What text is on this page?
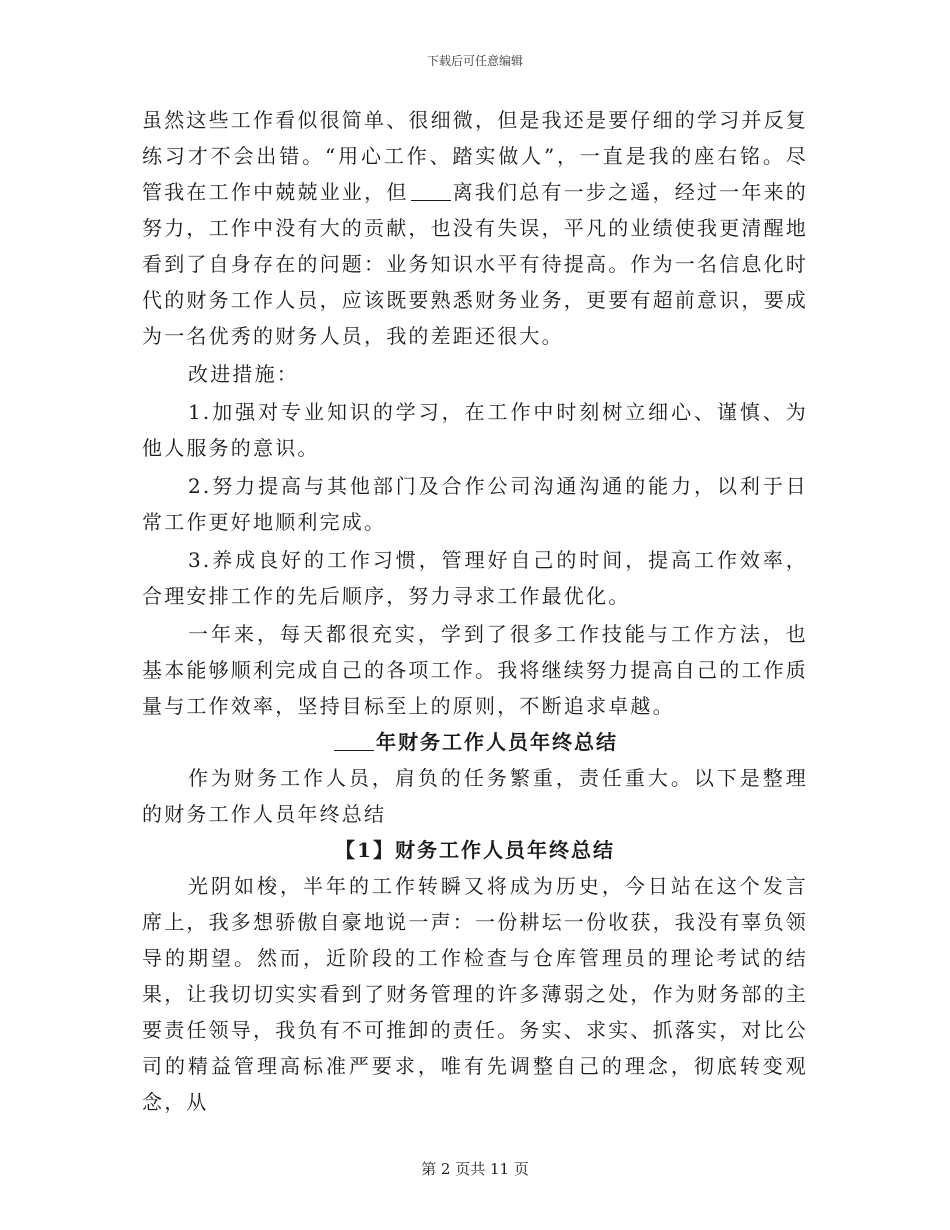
下载后可任意编辑

虽然这些工作看似很简单、很细微，但是我还是要仔细的学习并反复练习才不会出错。“用心工作、踏实做人”，一直是我的座右铭。尽管我在工作中兢兢业业，但 离我们总有一步之遥，经过一年来的努力，工作中没有大的贡献，也没有失误，平凡的业绩使我更清醒地看到了自身存在的问题：业务知识水平有待提高。作为一名信息化时代的财务工作人员，应该既要熟悉财务业务，更要有超前意识，要成为一名优秀的财务人员，我的差距还很大。

改进措施：

1.加强对专业知识的学习，在工作中时刻树立细心、谨慎、为他人服务的意识。

2.努力提高与其他部门及合作公司沟通沟通的能力，以利于日常工作更好地顺利完成。

3.养成良好的工作习惯，管理好自己的时间，提高工作效率，合理安排工作的先后顺序，努力寻求工作最优化。

一年来，每天都很充实，学到了很多工作技能与工作方法，也基本能够顺利完成自己的各项工作。我将继续努力提高自己的工作质量与工作效率，坚持目标至上的原则，不断追求卓越。

年财务工作人员年终总结

作为财务工作人员，肩负的任务繁重，责任重大。以下是整理的财务工作人员年终总结

【1】财务工作人员年终总结

光阴如梭，半年的工作转瞬又将成为历史，今日站在这个发言席上，我多想骄傲自豪地说一声：一份耕坛一份收获，我没有辜负领导的期望。然而，近阶段的工作检查与仓库管理员的理论考试的结果，让我切切实实看到了财务管理的许多薄弱之处，作为财务部的主要责任领导，我负有不可推卸的责任。务实、求实、抓落实，对比公司的精益管理高标准严要求，唯有先调整自己的理念，彻底转变观念，从

第 2 页共 11 页
